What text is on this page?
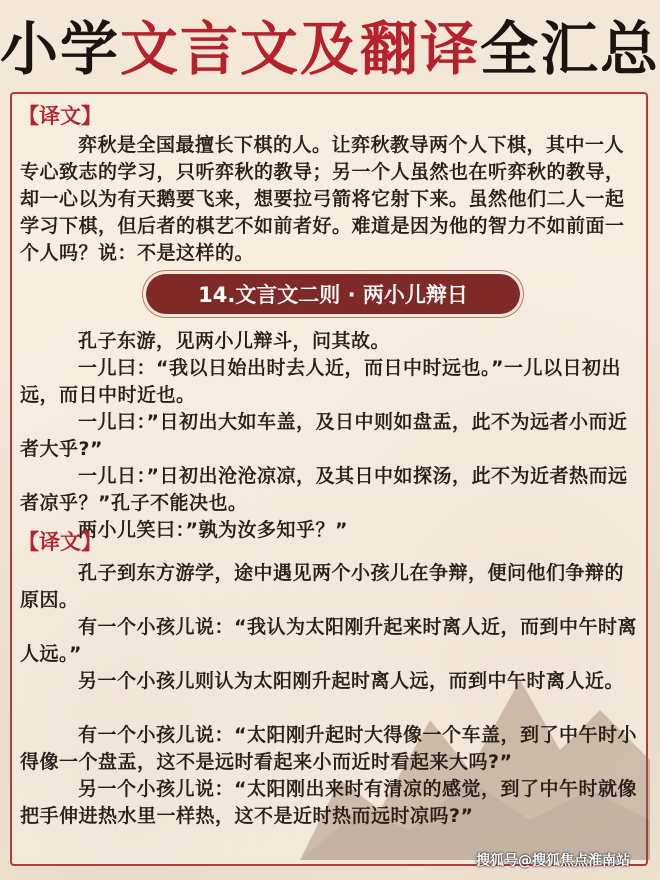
小学 文言文及翻译 全汇总
【译文】
弈秋是全国最擅长下棋的人。让弈秋教导两个人下棋，其中一人专心致志的学习，只听弈秋的教导；另一个人虽然也在听弈秋的教导，却一心以为有天鹅要飞来，想要拉弓箭将它射下来。虽然他们二人一起学习下棋，但后者的棋艺不如前者好。难道是因为他的智力不如前面一个人吗？说：不是这样的。
14.文言文二则 · 两小儿辩日
孔子东游，见两小儿辩斗，问其故。
一儿曰：“我以日始出时去人近，而日中时远也。”一儿以日初出远，而日中时近也。
一儿曰：”日初出大如车盖，及日中则如盘盂，此不为远者小而近者大乎?”
一儿日：”日初出沧沧凉凉，及其日中如探汤，此不为近者热而远者凉乎？”孔子不能决也。
两小儿笑曰：”孰为汝多知乎？”
【译文】
孔子到东方游学，途中遇见两个小孩儿在争辩，便问他们争辩的原因。
有一个小孩儿说：“我认为太阳刚升起来时离人近，而到中午时离人远。”
另一个小孩儿则认为太阳刚升起时离人远，而到中午时离人近。
有一个小孩儿说：“太阳刚升起时大得像一个车盖，到了中午时小得像一个盘盂，这不是远时看起来小而近时看起来大吗?”
另一个小孩儿说：“太阳刚出来时有清凉的感觉，到了中午时就像把手伸进热水里一样热，这不是近时热而远时凉吗?”
搜狐号@搜狐焦点淮南站
